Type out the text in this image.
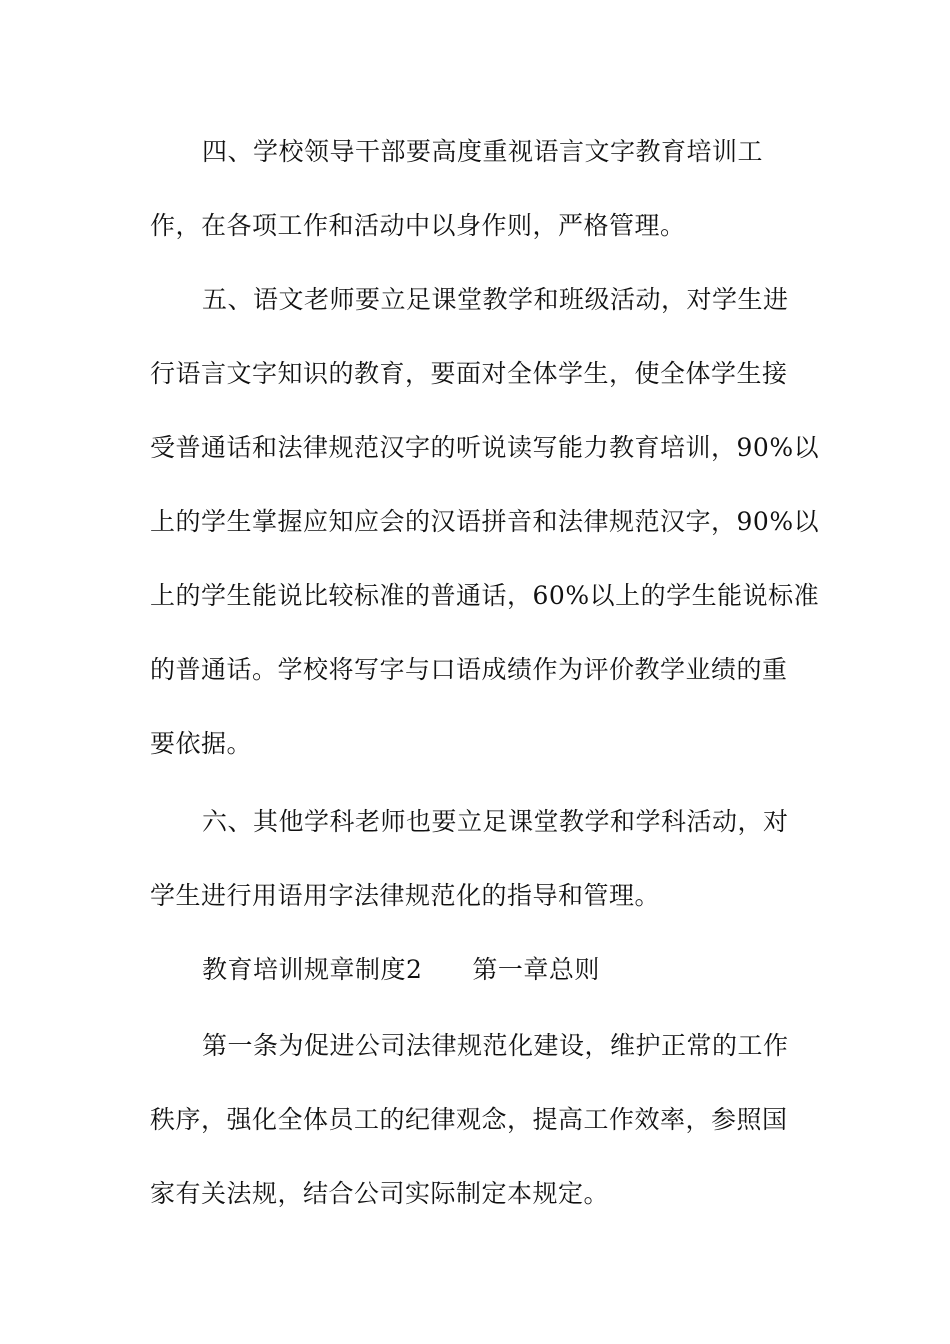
四、学校领导干部要高度重视语言文字教育培训工

作，在各项工作和活动中以身作则，严格管理。

五、语文老师要立足课堂教学和班级活动，对学生进

行语言文字知识的教育，要面对全体学生，使全体学生接

受普通话和法律规范汉字的听说读写能力教育培训，90%以

上的学生掌握应知应会的汉语拼音和法律规范汉字，90%以

上的学生能说比较标准的普通话，60%以上的学生能说标准

的普通话。学校将写字与口语成绩作为评价教学业绩的重

要依据。

六、其他学科老师也要立足课堂教学和学科活动，对

学生进行用语用字法律规范化的指导和管理。

教育培训规章制度2 第一章总则

第一条为促进公司法律规范化建设，维护正常的工作

秩序，强化全体员工的纪律观念，提高工作效率，参照国

家有关法规，结合公司实际制定本规定。
